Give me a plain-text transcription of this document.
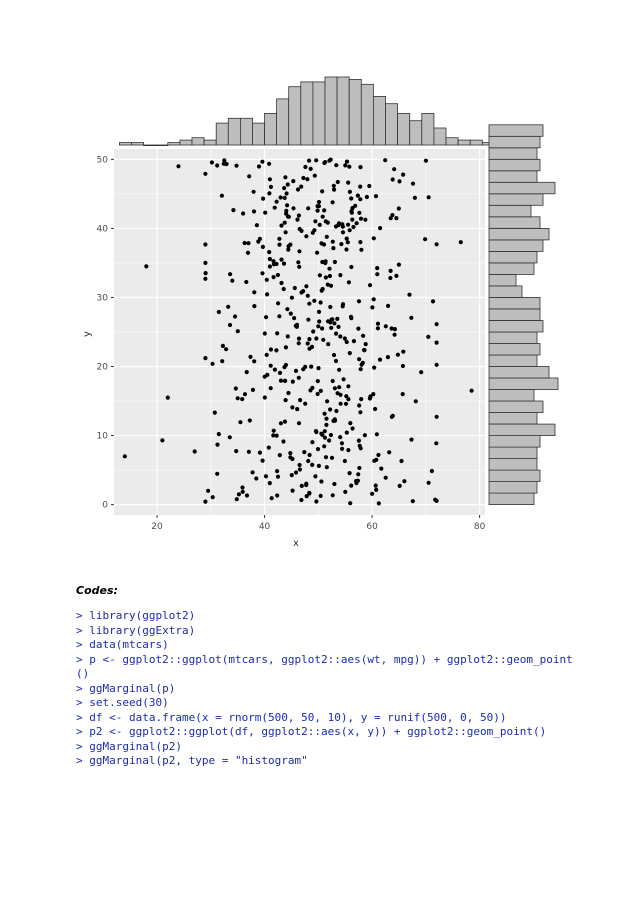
20	40	60	80
0
10
20
30
40
50
x
y
Codes:
> library(ggplot2)
> library(ggExtra)
> data(mtcars)
> p <- ggplot2::ggplot(mtcars, ggplot2::aes(wt, mpg)) + ggplot2::geom_point
()
> ggMarginal(p)
> set.seed(30)
> df <- data.frame(x = rnorm(500, 50, 10), y = runif(500, 0, 50))
> p2 <- ggplot2::ggplot(df, ggplot2::aes(x, y)) + ggplot2::geom_point()
> ggMarginal(p2)
> ggMarginal(p2, type = "histogram"
